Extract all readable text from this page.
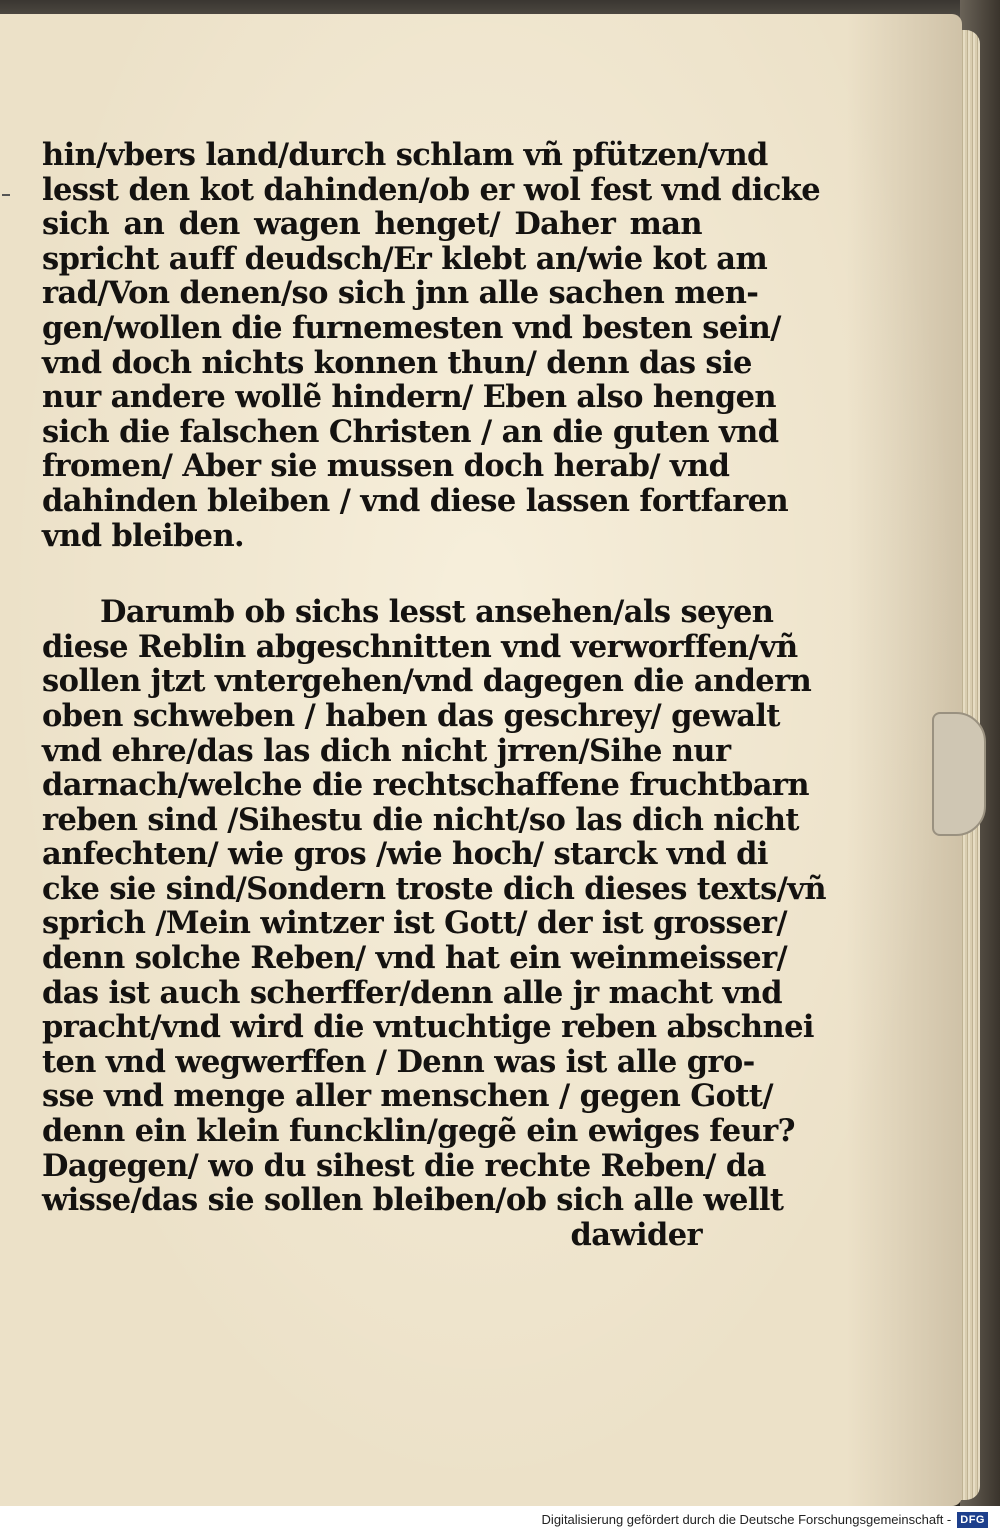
hin/vbers land/durch schlam vñ pfützen/vnd
lesst den kot dahinden/ob er wol fest vnd dicke
sich an den wagen henget/ Daher man
spricht auff deudsch/Er klebt an/wie kot am
rad/Von denen/so sich jnn alle sachen men-
gen/wollen die furnemesten vnd besten sein/
vnd doch nichts konnen thun/ denn das sie
nur andere wollẽ hindern/ Eben also hengen
sich die falschen Christen / an die guten vnd
fromen/ Aber sie mussen doch herab/ vnd
dahinden bleiben / vnd diese lassen fortfaren
vnd bleiben.
Darumb ob sichs lesst ansehen/als seyen
diese Reblin abgeschnitten vnd verworffen/vñ
sollen jtzt vntergehen/vnd dagegen die andern
oben schweben / haben das geschrey/ gewalt
vnd ehre/das las dich nicht jrren/Sihe nur
darnach/welche die rechtschaffene fruchtbarn
reben sind /Sihestu die nicht/so las dich nicht
anfechten/ wie gros /wie hoch/ starck vnd di
cke sie sind/Sondern troste dich dieses texts/vñ
sprich /Mein wintzer ist Gott/ der ist grosser/
denn solche Reben/ vnd hat ein weinmeisser/
das ist auch scherffer/denn alle jr macht vnd
pracht/vnd wird die vntuchtige reben abschnei
ten vnd wegwerffen / Denn was ist alle gro-
sse vnd menge aller menschen / gegen Gott/
denn ein klein funcklin/gegẽ ein ewiges feur?
Dagegen/ wo du sihest die rechte Reben/ da
wisse/das sie sollen bleiben/ob sich alle wellt
dawider
Digitalisierung gefördert durch die Deutsche Forschungsgemeinschaft - DFG
